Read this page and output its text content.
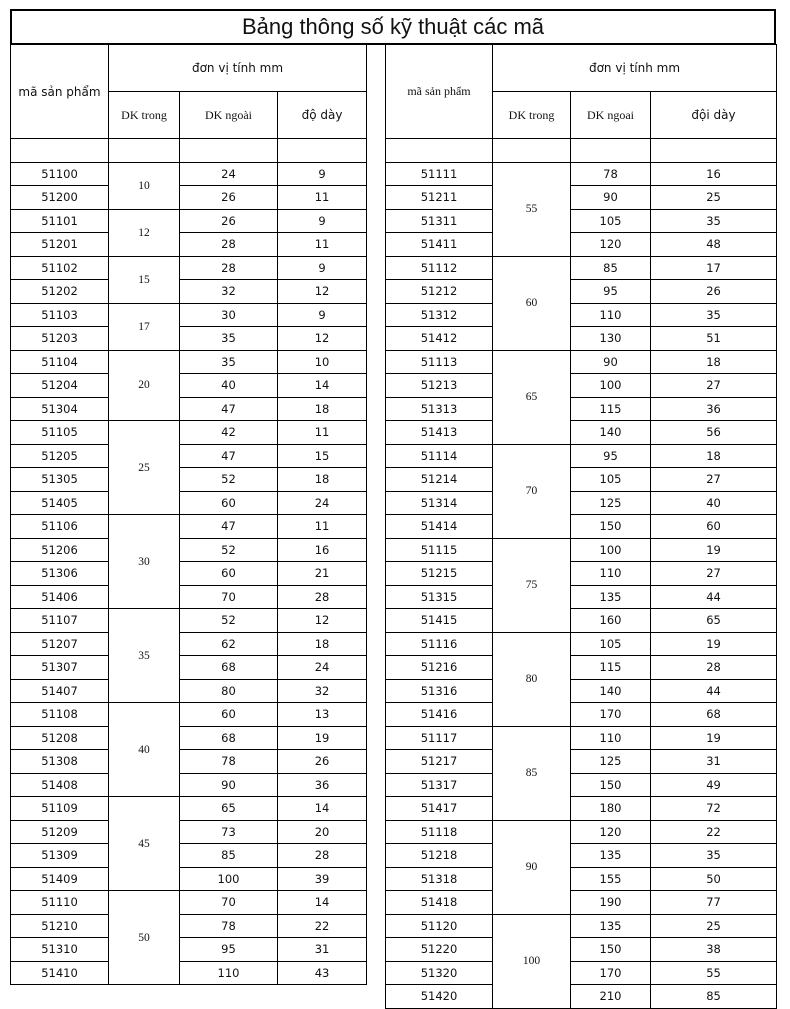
Bảng thông số kỹ thuật các mã
mã sản phẩm	đơn vị tính mm		
	DK trong	DK ngoài	độ dày

51100	10	24	9
51200		26	11
51101	12	26	9
51201		28	11
51102	15	28	9
51202		32	12
51103	17	30	9
51203		35	12
51104	20	35	10
51204		40	14
51304		47	18
51105	25	42	11
51205		47	15
51305		52	18
51405		60	24
51106	30	47	11
51206		52	16
51306		60	21
51406		70	28
51107	35	52	12
51207		62	18
51307		68	24
51407		80	32
51108	40	60	13
51208		68	19
51308		78	26
51408		90	36
51109	45	65	14
51209		73	20
51309		85	28
51409		100	39
51110	50	70	14
51210		78	22
51310		95	31
51410		110	43
mã sản phẩm	đơn vị tính mm		
	DK trong	DK ngoai	đội dày

51111	55	78	16
51211		90	25
51311		105	35
51411		120	48
51112	60	85	17
51212		95	26
51312		110	35
51412		130	51
51113	65	90	18
51213		100	27
51313		115	36
51413		140	56
51114	70	95	18
51214		105	27
51314		125	40
51414		150	60
51115	75	100	19
51215		110	27
51315		135	44
51415		160	65
51116	80	105	19
51216		115	28
51316		140	44
51416		170	68
51117	85	110	19
51217		125	31
51317		150	49
51417		180	72
51118	90	120	22
51218		135	35
51318		155	50
51418		190	77
51120	100	135	25
51220		150	38
51320		170	55
51420		210	85
